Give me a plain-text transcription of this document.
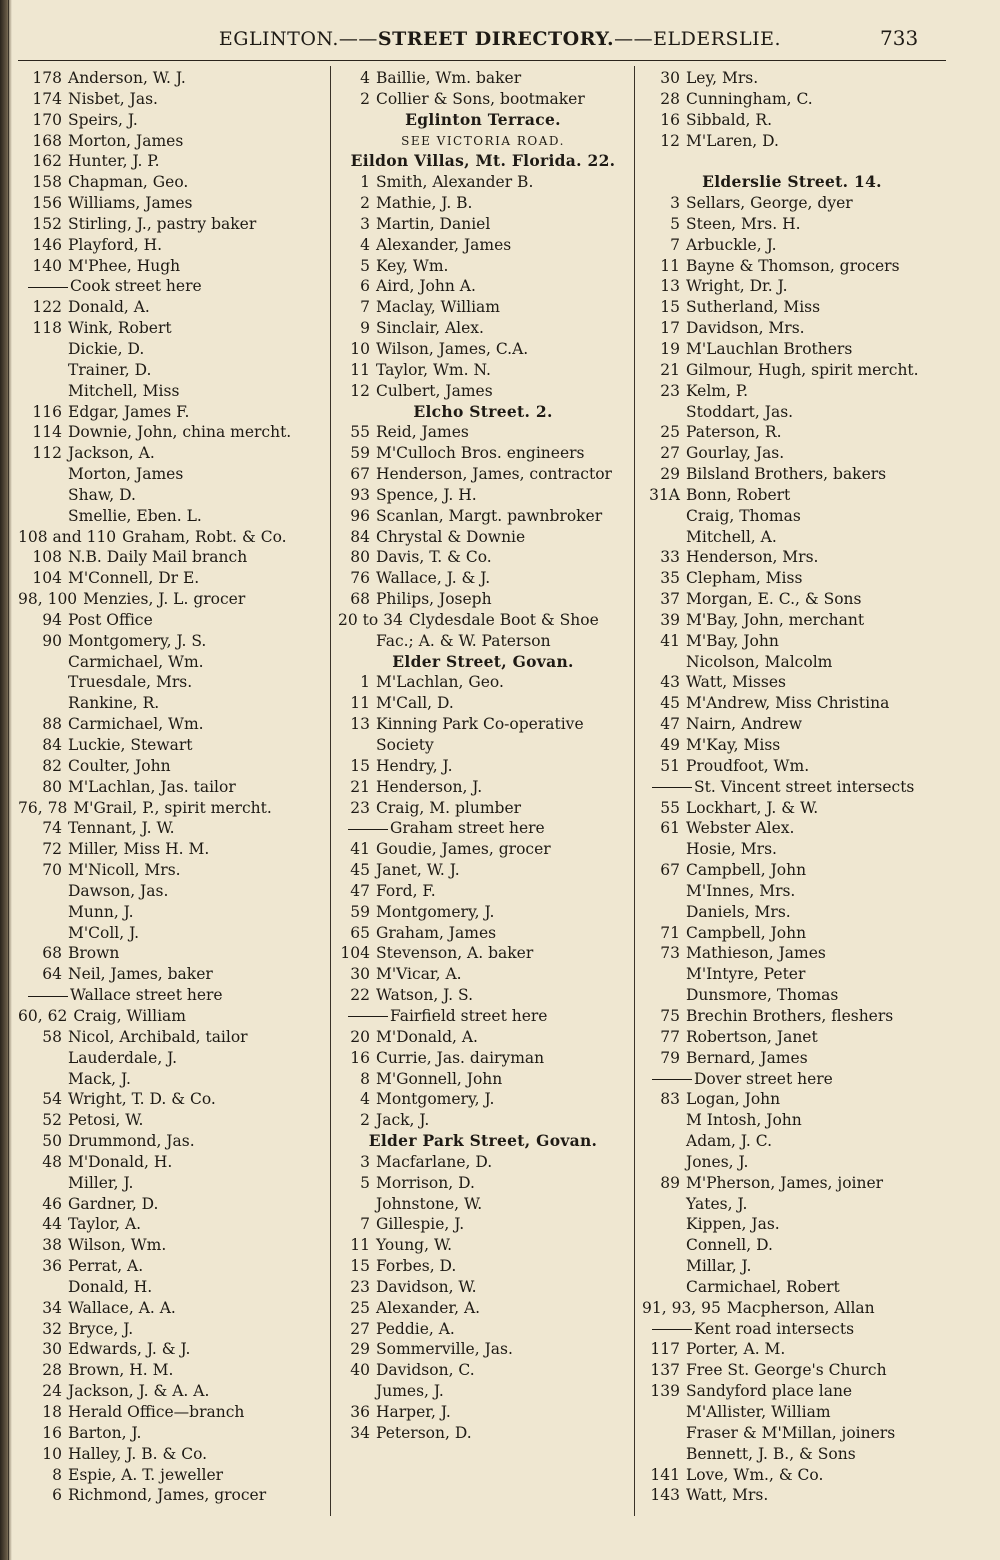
EGLINTON.——STREET DIRECTORY.——ELDERSLIE.	733
178 Anderson, W. J.
174 Nisbet, Jas.
170 Speirs, J.
168 Morton, James
162 Hunter, J. P.
158 Chapman, Geo.
156 Williams, James
152 Stirling, J., pastry baker
146 Playford, H.
140 M'Phee, Hugh
Cook street here
122 Donald, A.
118 Wink, Robert
Dickie, D.
Trainer, D.
Mitchell, Miss
116 Edgar, James F.
114 Downie, John, china mercht.
112 Jackson, A.
Morton, James
Shaw, D.
Smellie, Eben. L.
108 and 110 Graham, Robt. & Co.
108 N.B. Daily Mail branch
104 M'Connell, Dr E.
98, 100 Menzies, J. L. grocer
94 Post Office
90 Montgomery, J. S.
Carmichael, Wm.
Truesdale, Mrs.
Rankine, R.
88 Carmichael, Wm.
84 Luckie, Stewart
82 Coulter, John
80 M'Lachlan, Jas. tailor
76, 78 M'Grail, P., spirit mercht.
74 Tennant, J. W.
72 Miller, Miss H. M.
70 M'Nicoll, Mrs.
Dawson, Jas.
Munn, J.
M'Coll, J.
68 Brown
64 Neil, James, baker
Wallace street here
60, 62 Craig, William
58 Nicol, Archibald, tailor
Lauderdale, J.
Mack, J.
54 Wright, T. D. & Co.
52 Petosi, W.
50 Drummond, Jas.
48 M'Donald, H.
Miller, J.
46 Gardner, D.
44 Taylor, A.
38 Wilson, Wm.
36 Perrat, A.
Donald, H.
34 Wallace, A. A.
32 Bryce, J.
30 Edwards, J. & J.
28 Brown, H. M.
24 Jackson, J. & A. A.
18 Herald Office—branch
16 Barton, J.
10 Halley, J. B. & Co.
8 Espie, A. T. jeweller
6 Richmond, James, grocer
4 Baillie, Wm. baker
2 Collier & Sons, bootmaker
Eglinton Terrace.
SEE VICTORIA ROAD.
Eildon Villas, Mt. Florida. 22.
1 Smith, Alexander B.
2 Mathie, J. B.
3 Martin, Daniel
4 Alexander, James
5 Key, Wm.
6 Aird, John A.
7 Maclay, William
9 Sinclair, Alex.
10 Wilson, James, C.A.
11 Taylor, Wm. N.
12 Culbert, James
Elcho Street. 2.
55 Reid, James
59 M'Culloch Bros. engineers
67 Henderson, James, contractor
93 Spence, J. H.
96 Scanlan, Margt. pawnbroker
84 Chrystal & Downie
80 Davis, T. & Co.
76 Wallace, J. & J.
68 Philips, Joseph
20 to 34 Clydesdale Boot & Shoe
Fac.; A. & W. Paterson
Elder Street, Govan.
1 M'Lachlan, Geo.
11 M'Call, D.
13 Kinning Park Co-operative
Society
15 Hendry, J.
21 Henderson, J.
23 Craig, M. plumber
Graham street here
41 Goudie, James, grocer
45 Janet, W. J.
47 Ford, F.
59 Montgomery, J.
65 Graham, James
104 Stevenson, A. baker
30 M'Vicar, A.
22 Watson, J. S.
Fairfield street here
20 M'Donald, A.
16 Currie, Jas. dairyman
8 M'Gonnell, John
4 Montgomery, J.
2 Jack, J.
Elder Park Street, Govan.
3 Macfarlane, D.
5 Morrison, D.
Johnstone, W.
7 Gillespie, J.
11 Young, W.
15 Forbes, D.
23 Davidson, W.
25 Alexander, A.
27 Peddie, A.
29 Sommerville, Jas.
40 Davidson, C.
Jumes, J.
36 Harper, J.
34 Peterson, D.
30 Ley, Mrs.
28 Cunningham, C.
16 Sibbald, R.
12 M'Laren, D.
Elderslie Street. 14.
3 Sellars, George, dyer
5 Steen, Mrs. H.
7 Arbuckle, J.
11 Bayne & Thomson, grocers
13 Wright, Dr. J.
15 Sutherland, Miss
17 Davidson, Mrs.
19 M'Lauchlan Brothers
21 Gilmour, Hugh, spirit mercht.
23 Kelm, P.
Stoddart, Jas.
25 Paterson, R.
27 Gourlay, Jas.
29 Bilsland Brothers, bakers
31A Bonn, Robert
Craig, Thomas
Mitchell, A.
33 Henderson, Mrs.
35 Clepham, Miss
37 Morgan, E. C., & Sons
39 M'Bay, John, merchant
41 M'Bay, John
Nicolson, Malcolm
43 Watt, Misses
45 M'Andrew, Miss Christina
47 Nairn, Andrew
49 M'Kay, Miss
51 Proudfoot, Wm.
St. Vincent street intersects
55 Lockhart, J. & W.
61 Webster Alex.
Hosie, Mrs.
67 Campbell, John
M'Innes, Mrs.
Daniels, Mrs.
71 Campbell, John
73 Mathieson, James
M'Intyre, Peter
Dunsmore, Thomas
75 Brechin Brothers, fleshers
77 Robertson, Janet
79 Bernard, James
Dover street here
83 Logan, John
M Intosh, John
Adam, J. C.
Jones, J.
89 M'Pherson, James, joiner
Yates, J.
Kippen, Jas.
Connell, D.
Millar, J.
Carmichael, Robert
91, 93, 95 Macpherson, Allan
Kent road intersects
117 Porter, A. M.
137 Free St. George's Church
139 Sandyford place lane
M'Allister, William
Fraser & M'Millan, joiners
Bennett, J. B., & Sons
141 Love, Wm., & Co.
143 Watt, Mrs.
